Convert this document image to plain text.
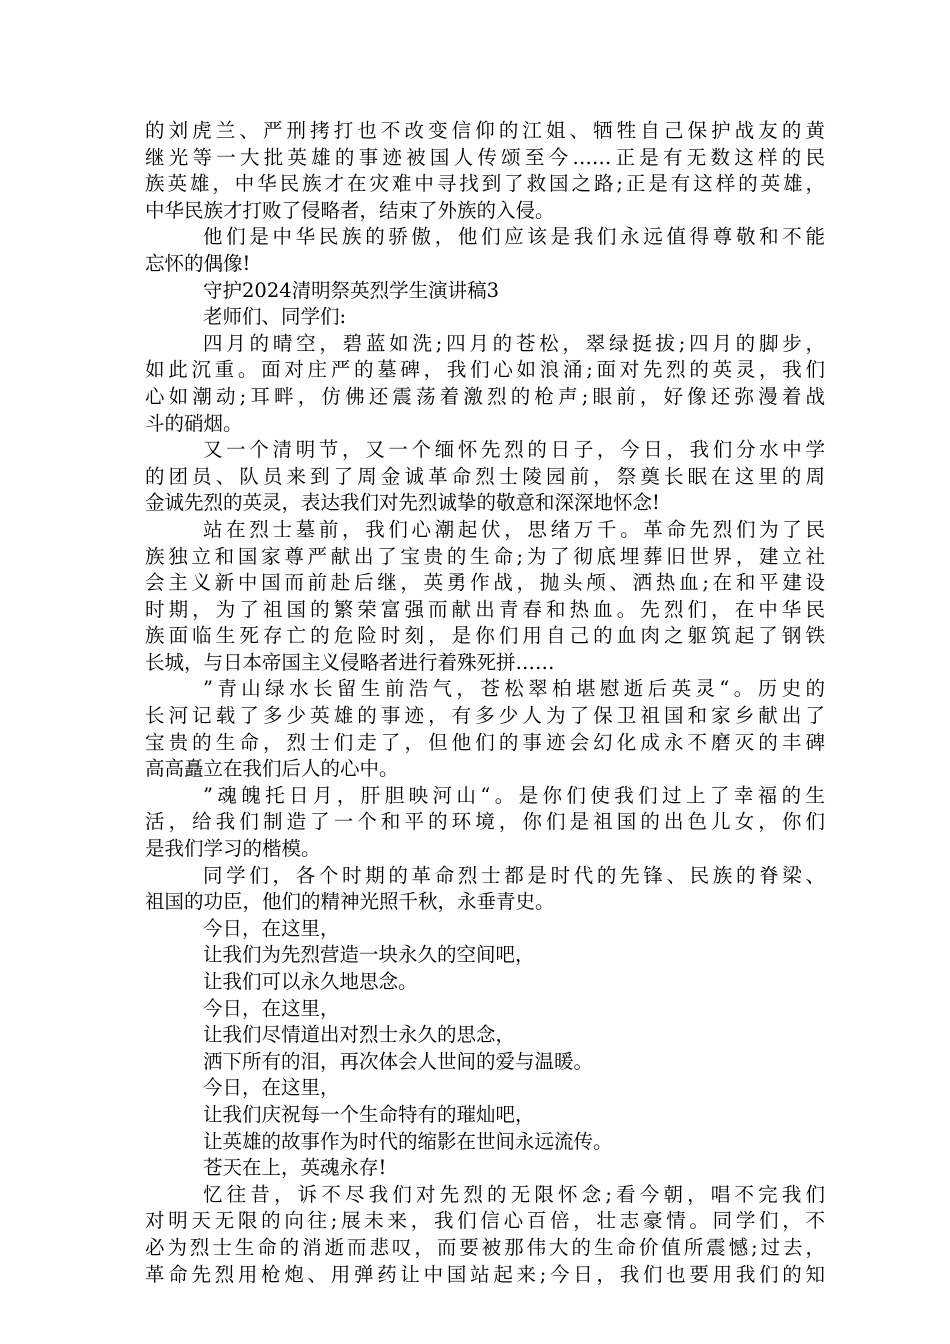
的刘虎兰、严刑拷打也不改变信仰的江姐、牺牲自己保护战友的黄
继光等一大批英雄的事迹被国人传颂至今……正是有无数这样的民
族英雄，中华民族才在灾难中寻找到了救国之路;正是有这样的英雄，
中华民族才打败了侵略者，结束了外族的入侵。
他们是中华民族的骄傲，他们应该是我们永远值得尊敬和不能
忘怀的偶像!
守护2024清明祭英烈学生演讲稿3
老师们、同学们:
四月的晴空，碧蓝如洗;四月的苍松，翠绿挺拔;四月的脚步，
如此沉重。面对庄严的墓碑，我们心如浪涌;面对先烈的英灵，我们
心如潮动;耳畔，仿佛还震荡着激烈的枪声;眼前，好像还弥漫着战
斗的硝烟。
又一个清明节，又一个缅怀先烈的日子，今日，我们分水中学
的团员、队员来到了周金诚革命烈士陵园前，祭奠长眠在这里的周
金诚先烈的英灵，表达我们对先烈诚挚的敬意和深深地怀念!
站在烈士墓前，我们心潮起伏，思绪万千。革命先烈们为了民
族独立和国家尊严献出了宝贵的生命;为了彻底埋葬旧世界，建立社
会主义新中国而前赴后继，英勇作战，抛头颅、洒热血;在和平建设
时期，为了祖国的繁荣富强而献出青春和热血。先烈们，在中华民
族面临生死存亡的危险时刻，是你们用自己的血肉之躯筑起了钢铁
长城，与日本帝国主义侵略者进行着殊死拼……
”青山绿水长留生前浩气，苍松翠柏堪慰逝后英灵“。历史的
长河记载了多少英雄的事迹，有多少人为了保卫祖国和家乡献出了
宝贵的生命，烈士们走了，但他们的事迹会幻化成永不磨灭的丰碑
高高矗立在我们后人的心中。
”魂魄托日月，肝胆映河山“。是你们使我们过上了幸福的生
活，给我们制造了一个和平的环境，你们是祖国的出色儿女，你们
是我们学习的楷模。
同学们，各个时期的革命烈士都是时代的先锋、民族的脊梁、
祖国的功臣，他们的精神光照千秋，永垂青史。
今日，在这里，
让我们为先烈营造一块永久的空间吧，
让我们可以永久地思念。
今日，在这里，
让我们尽情道出对烈士永久的思念，
洒下所有的泪，再次体会人世间的爱与温暖。
今日，在这里，
让我们庆祝每一个生命特有的璀灿吧，
让英雄的故事作为时代的缩影在世间永远流传。
苍天在上，英魂永存!
忆往昔，诉不尽我们对先烈的无限怀念;看今朝，唱不完我们
对明天无限的向往;展未来，我们信心百倍，壮志豪情。同学们，不
必为烈士生命的消逝而悲叹，而要被那伟大的生命价值所震憾;过去，
革命先烈用枪炮、用弹药让中国站起来;今日，我们也要用我们的知
